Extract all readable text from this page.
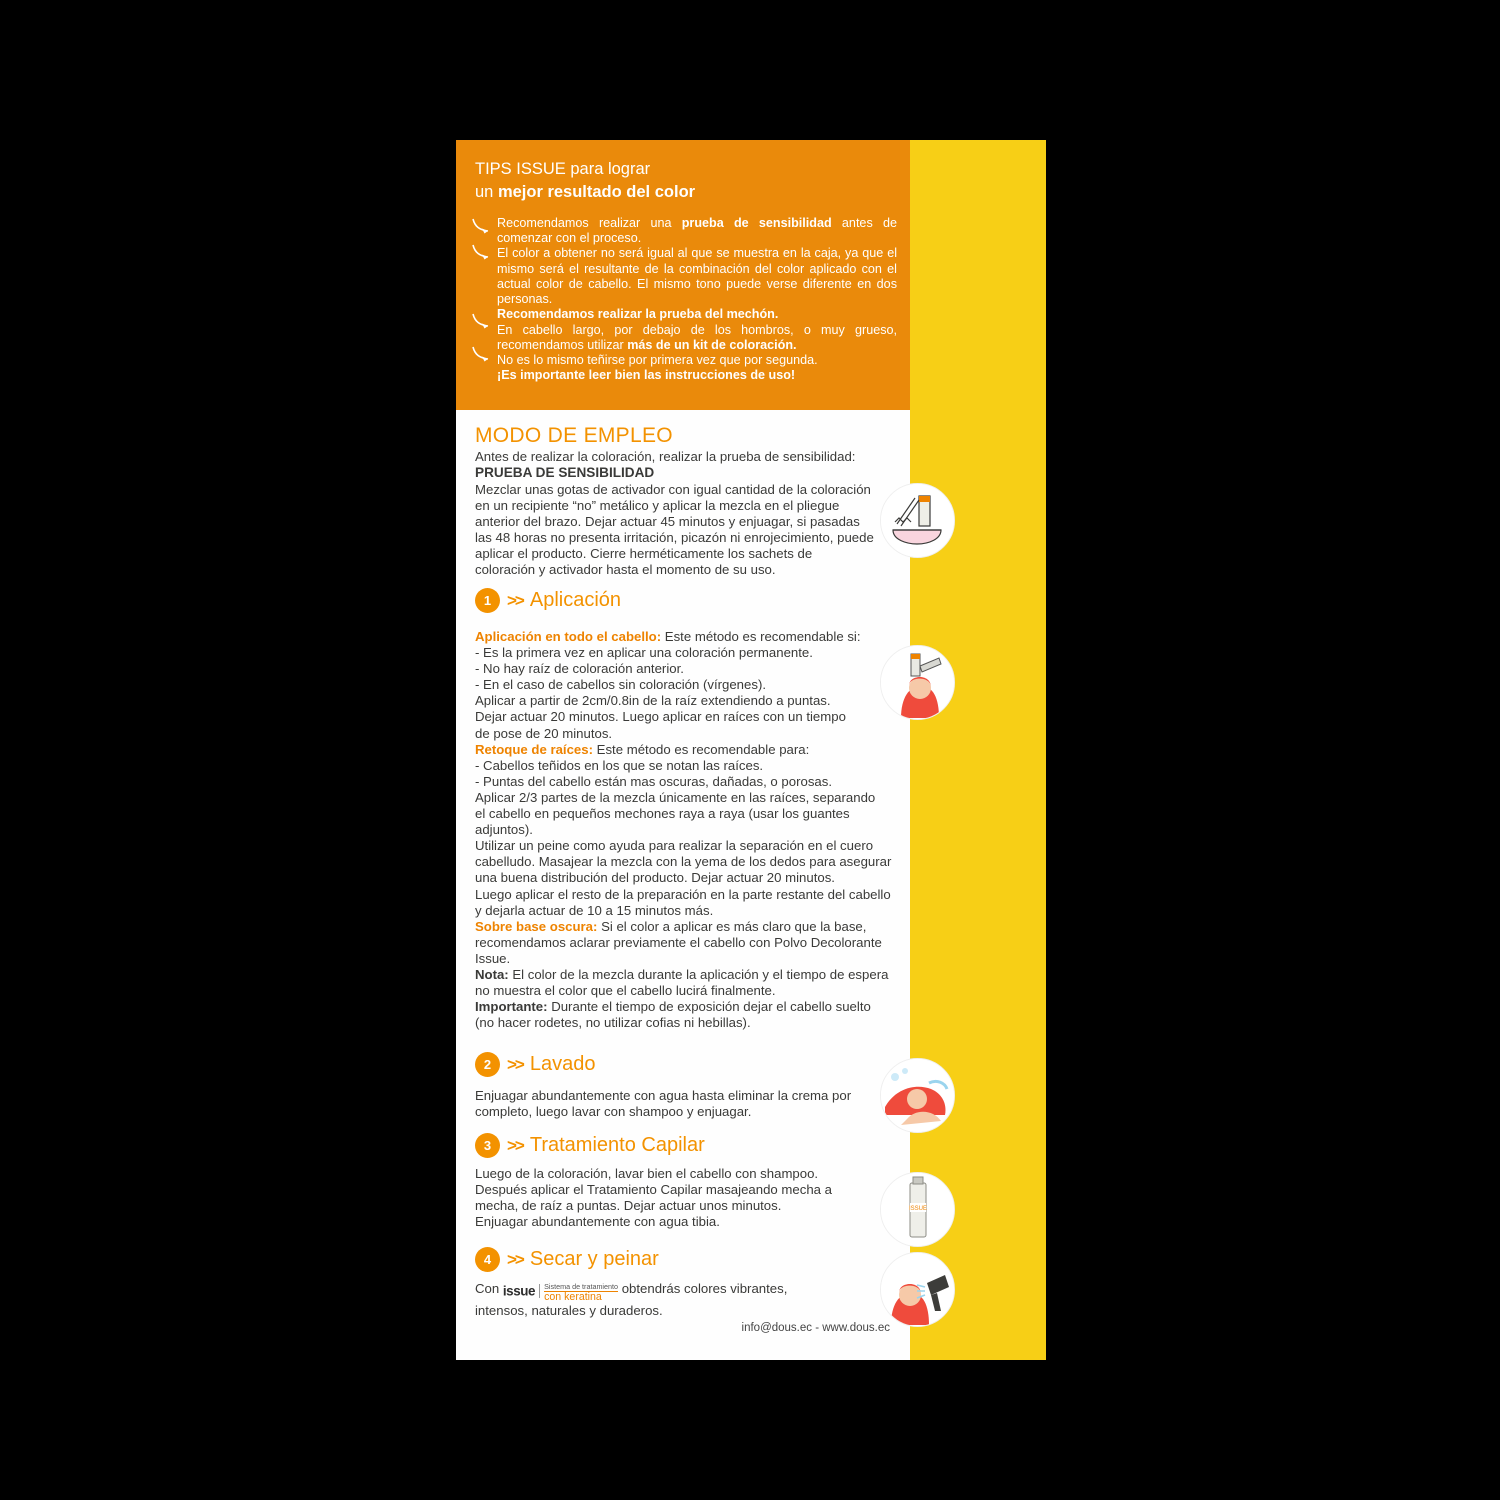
TIPS ISSUE para lograr
un mejor resultado del color

Recomendamos realizar una prueba de sensibilidad antes de comenzar con el proceso.

El color a obtener no será igual al que se muestra en la caja, ya que el mismo será el resultante de la combinación del color aplicado con el actual color de cabello. El mismo tono puede verse diferente en dos personas.

Recomendamos realizar la prueba del mechón.

En cabello largo, por debajo de los hombros, o muy grueso, recomendamos utilizar más de un kit de coloración.

No es lo mismo teñirse por primera vez que por segunda.
¡Es importante leer bien las instrucciones de uso!

MODO DE EMPLEO
Antes de realizar la coloración, realizar la prueba de sensibilidad:
PRUEBA DE SENSIBILIDAD
Mezclar unas gotas de activador con igual cantidad de la coloración en un recipiente “no” metálico y aplicar la mezcla en el pliegue anterior del brazo. Dejar actuar 45 minutos y enjuagar, si pasadas las 48 horas no presenta irritación, picazón ni enrojecimiento, puede aplicar el producto. Cierre herméticamente los sachets de coloración y activador hasta el momento de su uso.
ISSUE
1 >> Aplicación
Aplicación en todo el cabello: Este método es recomendable si:
- Es la primera vez en aplicar una coloración permanente.
- No hay raíz de coloración anterior.
- En el caso de cabellos sin coloración (vírgenes).
Aplicar a partir de 2cm/0.8in de la raíz extendiendo a puntas.
Dejar actuar 20 minutos. Luego aplicar en raíces con un tiempo
de pose de 20 minutos.
Retoque de raíces: Este método es recomendable para:
- Cabellos teñidos en los que se notan las raíces.
- Puntas del cabello están mas oscuras, dañadas, o porosas.
Aplicar 2/3 partes de la mezcla únicamente en las raíces, separando
el cabello en pequeños mechones raya a raya (usar los guantes adjuntos).
Utilizar un peine como ayuda para realizar la separación en el cuero
cabelludo. Masajear la mezcla con la yema de los dedos para asegurar
una buena distribución del producto. Dejar actuar 20 minutos.
Luego aplicar el resto de la preparación en la parte restante del cabello
y dejarla actuar de 10 a 15 minutos más.
Sobre base oscura: Si el color a aplicar es más claro que la base,
recomendamos aclarar previamente el cabello con Polvo Decolorante Issue.
Nota: El color de la mezcla durante la aplicación y el tiempo de espera
no muestra el color que el cabello lucirá finalmente.
Importante: Durante el tiempo de exposición dejar el cabello suelto
(no hacer rodetes, no utilizar cofias ni hebillas).
2 >> Lavado
Enjuagar abundantemente con agua hasta eliminar la crema por
completo, luego lavar con shampoo y enjuagar.
3 >> Tratamiento Capilar
Luego de la coloración, lavar bien el cabello con shampoo.
Después aplicar el Tratamiento Capilar masajeando mecha a
mecha, de raíz a puntas. Dejar actuar unos minutos.
Enjuagar abundantemente con agua tibia.
4 >> Secar y peinar
Con issue Sistema de tratamiento
con keratina
obtendrás colores vibrantes,
intensos, naturales y duraderos.
info@dous.ec - www.dous.ec
